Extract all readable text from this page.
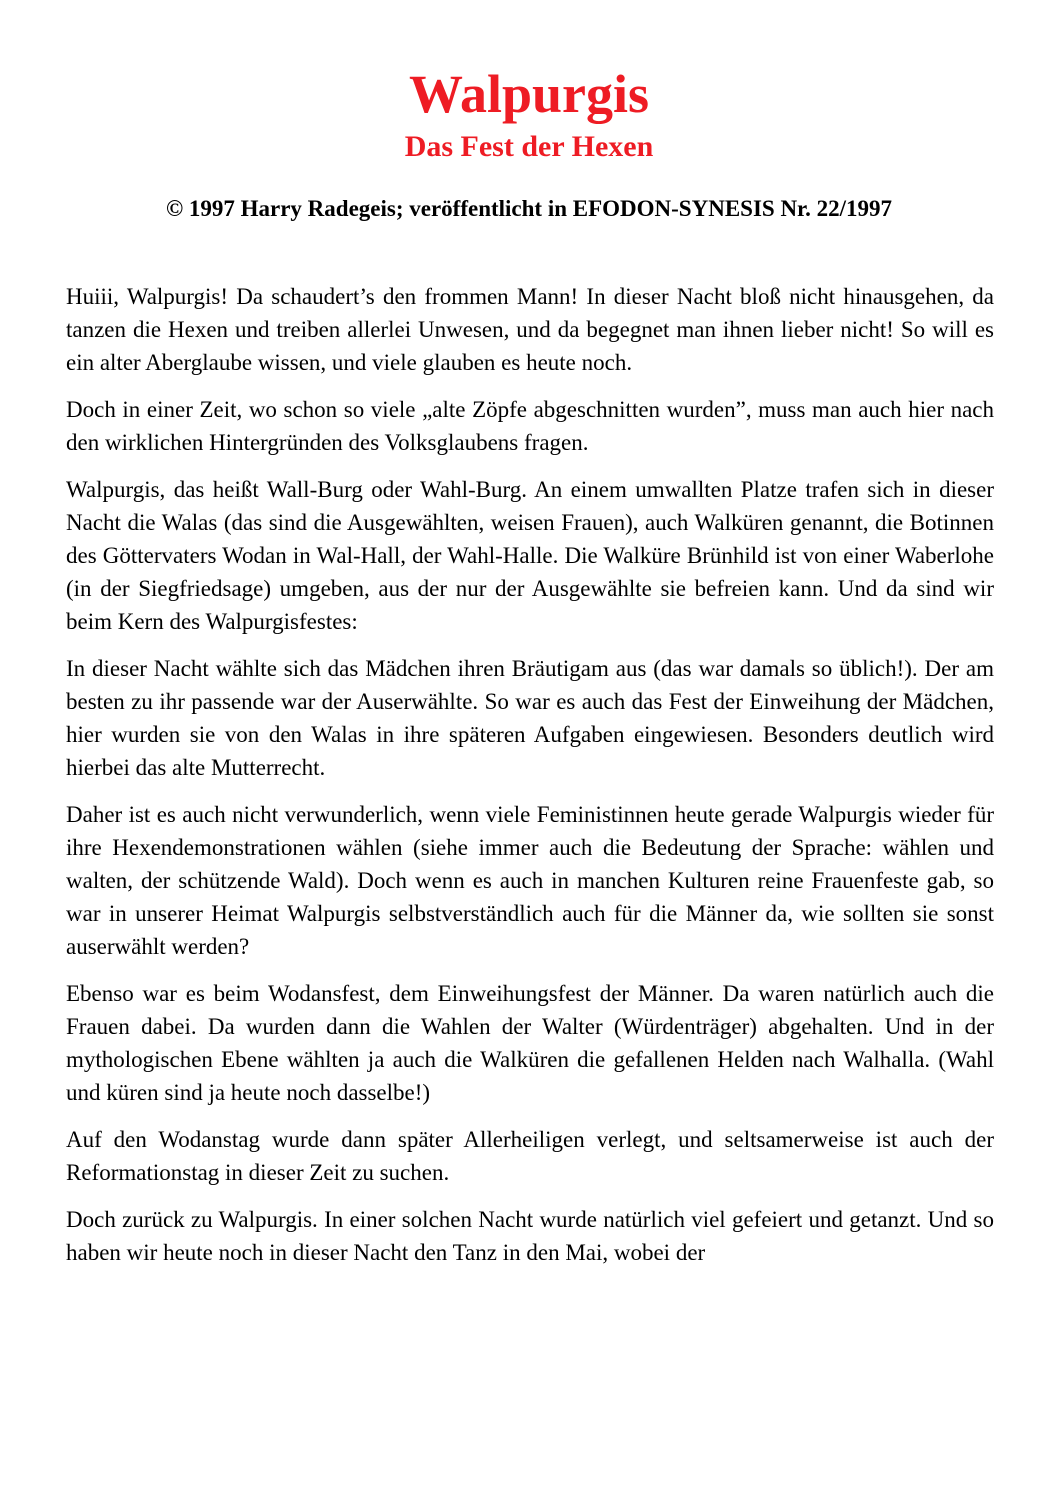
Walpurgis
Das Fest der Hexen
© 1997 Harry Radegeis; veröffentlicht in EFODON-SYNESIS Nr. 22/1997

Huiii, Walpurgis! Da schaudert’s den frommen Mann! In dieser Nacht bloß nicht hinausgehen, da tanzen die Hexen und treiben allerlei Unwesen, und da begegnet man ihnen lieber nicht! So will es ein alter Aberglaube wissen, und viele glauben es heute noch.

Doch in einer Zeit, wo schon so viele „alte Zöpfe abgeschnitten wurden”, muss man auch hier nach den wirklichen Hintergründen des Volksglaubens fragen.

Walpurgis, das heißt Wall-Burg oder Wahl-Burg. An einem umwallten Platze trafen sich in dieser Nacht die Walas (das sind die Ausgewählten, weisen Frauen), auch Walküren genannt, die Botinnen des Göttervaters Wodan in Wal-Hall, der Wahl-Halle. Die Walküre Brünhild ist von einer Waberlohe (in der Siegfriedsage) umgeben, aus der nur der Ausgewählte sie befreien kann. Und da sind wir beim Kern des Walpurgisfestes:

In dieser Nacht wählte sich das Mädchen ihren Bräutigam aus (das war damals so üblich!). Der am besten zu ihr passende war der Auserwählte. So war es auch das Fest der Einweihung der Mädchen, hier wurden sie von den Walas in ihre späteren Aufgaben eingewiesen. Besonders deutlich wird hierbei das alte Mutterrecht.

Daher ist es auch nicht verwunderlich, wenn viele Feministinnen heute gerade Walpurgis wieder für ihre Hexendemonstrationen wählen (siehe immer auch die Bedeutung der Sprache: wählen und walten, der schützende Wald). Doch wenn es auch in manchen Kulturen reine Frauenfeste gab, so war in unserer Heimat Walpurgis selbstverständlich auch für die Männer da, wie sollten sie sonst auserwählt werden?

Ebenso war es beim Wodansfest, dem Einweihungsfest der Männer. Da waren natürlich auch die Frauen dabei. Da wurden dann die Wahlen der Walter (Würdenträger) abgehalten. Und in der mythologischen Ebene wählten ja auch die Walküren die gefallenen Helden nach Walhalla. (Wahl und küren sind ja heute noch dasselbe!)

Auf den Wodanstag wurde dann später Allerheiligen verlegt, und seltsamerweise ist auch der Reformationstag in dieser Zeit zu suchen.

Doch zurück zu Walpurgis. In einer solchen Nacht wurde natürlich viel gefeiert und getanzt. Und so haben wir heute noch in dieser Nacht den Tanz in den Mai, wobei der
